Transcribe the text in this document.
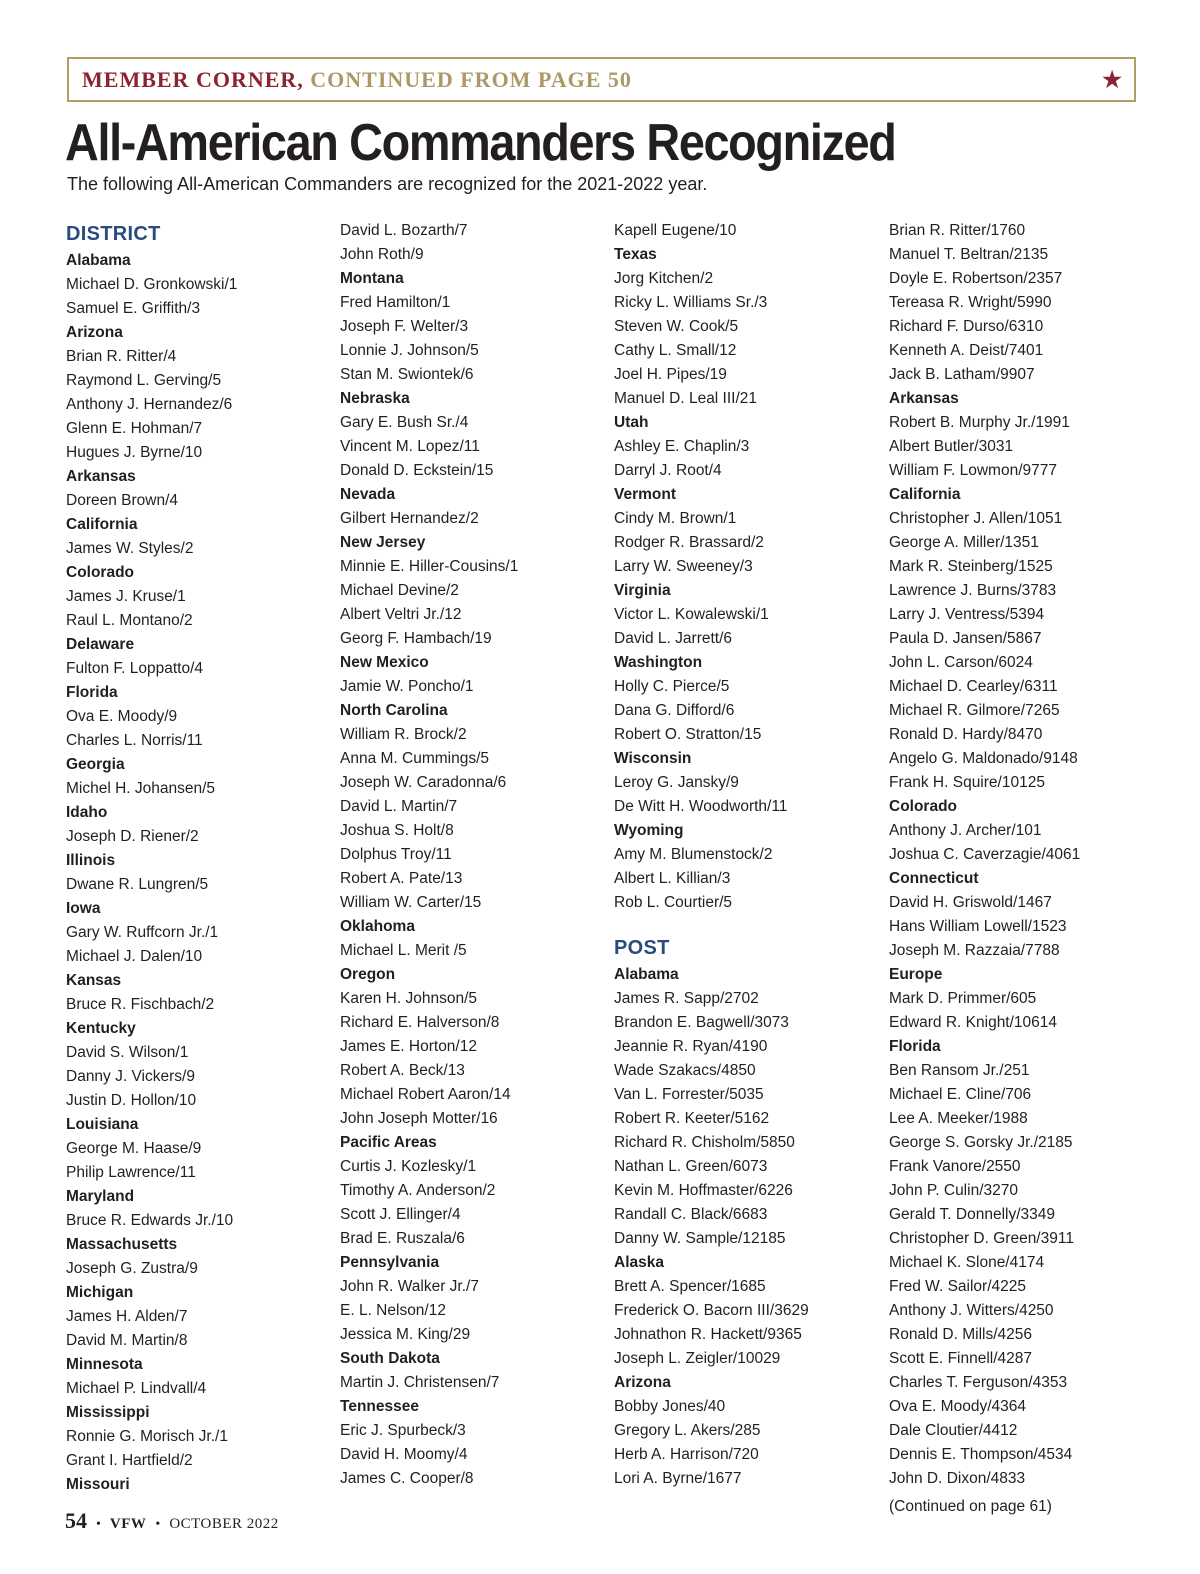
MEMBER CORNER, CONTINUED FROM PAGE 50	★
All-American Commanders Recognized
The following All-American Commanders are recognized for the 2021-2022 year.
DISTRICT
Alabama
Michael D. Gronkowski/1
Samuel E. Griffith/3
Arizona
Brian R. Ritter/4
Raymond L. Gerving/5
Anthony J. Hernandez/6
Glenn E. Hohman/7
Hugues J. Byrne/10
Arkansas
Doreen Brown/4
California
James W. Styles/2
Colorado
James J. Kruse/1
Raul L. Montano/2
Delaware
Fulton F. Loppatto/4
Florida
Ova E. Moody/9
Charles L. Norris/11
Georgia
Michel H. Johansen/5
Idaho
Joseph D. Riener/2
Illinois
Dwane R. Lungren/5
Iowa
Gary W. Ruffcorn Jr./1
Michael J. Dalen/10
Kansas
Bruce R. Fischbach/2
Kentucky
David S. Wilson/1
Danny J. Vickers/9
Justin D. Hollon/10
Louisiana
George M. Haase/9
Philip Lawrence/11
Maryland
Bruce R. Edwards Jr./10
Massachusetts
Joseph G. Zustra/9
Michigan
James H. Alden/7
David M. Martin/8
Minnesota
Michael P. Lindvall/4
Mississippi
Ronnie G. Morisch Jr./1
Grant I. Hartfield/2
Missouri
David L. Bozarth/7
John Roth/9
Montana
Fred Hamilton/1
Joseph F. Welter/3
Lonnie J. Johnson/5
Stan M. Swiontek/6
Nebraska
Gary E. Bush Sr./4
Vincent M. Lopez/11
Donald D. Eckstein/15
Nevada
Gilbert Hernandez/2
New Jersey
Minnie E. Hiller-Cousins/1
Michael Devine/2
Albert Veltri Jr./12
Georg F. Hambach/19
New Mexico
Jamie W. Poncho/1
North Carolina
William R. Brock/2
Anna M. Cummings/5
Joseph W. Caradonna/6
David L. Martin/7
Joshua S. Holt/8
Dolphus Troy/11
Robert A. Pate/13
William W. Carter/15
Oklahoma
Michael L. Merit /5
Oregon
Karen H. Johnson/5
Richard E. Halverson/8
James E. Horton/12
Robert A. Beck/13
Michael Robert Aaron/14
John Joseph Motter/16
Pacific Areas
Curtis J. Kozlesky/1
Timothy A. Anderson/2
Scott J. Ellinger/4
Brad E. Ruszala/6
Pennsylvania
John R. Walker Jr./7
E. L. Nelson/12
Jessica M. King/29
South Dakota
Martin J. Christensen/7
Tennessee
Eric J. Spurbeck/3
David H. Moomy/4
James C. Cooper/8
Kapell Eugene/10
Texas
Jorg Kitchen/2
Ricky L. Williams Sr./3
Steven W. Cook/5
Cathy L. Small/12
Joel H. Pipes/19
Manuel D. Leal III/21
Utah
Ashley E. Chaplin/3
Darryl J. Root/4
Vermont
Cindy M. Brown/1
Rodger R. Brassard/2
Larry W. Sweeney/3
Virginia
Victor L. Kowalewski/1
David L. Jarrett/6
Washington
Holly C. Pierce/5
Dana G. Difford/6
Robert O. Stratton/15
Wisconsin
Leroy G. Jansky/9
De Witt H. Woodworth/11
Wyoming
Amy M. Blumenstock/2
Albert L. Killian/3
Rob L. Courtier/5
POST
Alabama
James R. Sapp/2702
Brandon E. Bagwell/3073
Jeannie R. Ryan/4190
Wade Szakacs/4850
Van L. Forrester/5035
Robert R. Keeter/5162
Richard R. Chisholm/5850
Nathan L. Green/6073
Kevin M. Hoffmaster/6226
Randall C. Black/6683
Danny W. Sample/12185
Alaska
Brett A. Spencer/1685
Frederick O. Bacorn III/3629
Johnathon R. Hackett/9365
Joseph L. Zeigler/10029
Arizona
Bobby Jones/40
Gregory L. Akers/285
Herb A. Harrison/720
Lori A. Byrne/1677
Brian R. Ritter/1760
Manuel T. Beltran/2135
Doyle E. Robertson/2357
Tereasa R. Wright/5990
Richard F. Durso/6310
Kenneth A. Deist/7401
Jack B. Latham/9907
Arkansas
Robert B. Murphy Jr./1991
Albert Butler/3031
William F. Lowmon/9777
California
Christopher J. Allen/1051
George A. Miller/1351
Mark R. Steinberg/1525
Lawrence J. Burns/3783
Larry J. Ventress/5394
Paula D. Jansen/5867
John L. Carson/6024
Michael D. Cearley/6311
Michael R. Gilmore/7265
Ronald D. Hardy/8470
Angelo G. Maldonado/9148
Frank H. Squire/10125
Colorado
Anthony J. Archer/101
Joshua C. Caverzagie/4061
Connecticut
David H. Griswold/1467
Hans William Lowell/1523
Joseph M. Razzaia/7788
Europe
Mark D. Primmer/605
Edward R. Knight/10614
Florida
Ben Ransom Jr./251
Michael E. Cline/706
Lee A. Meeker/1988
George S. Gorsky Jr./2185
Frank Vanore/2550
John P. Culin/3270
Gerald T. Donnelly/3349
Christopher D. Green/3911
Michael K. Slone/4174
Fred W. Sailor/4225
Anthony J. Witters/4250
Ronald D. Mills/4256
Scott E. Finnell/4287
Charles T. Ferguson/4353
Ova E. Moody/4364
Dale Cloutier/4412
Dennis E. Thompson/4534
John D. Dixon/4833
(Continued on page 61)
54 • VFW • OCTOBER 2022
